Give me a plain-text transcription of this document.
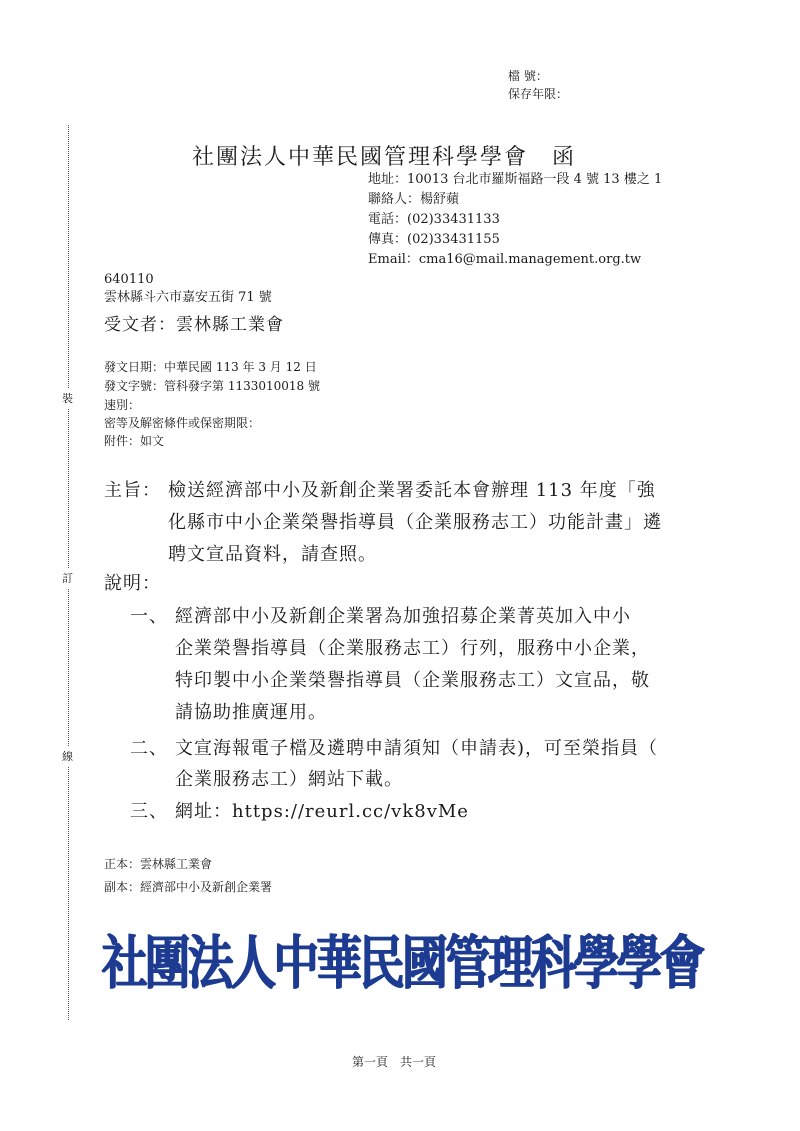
檔 號：
保存年限：
裝
訂
線
社團法人中華民國管理科學學會　函
地址：10013 台北市羅斯福路一段 4 號 13 樓之 1
聯絡人：楊舒蘋
電話：(02)33431133
傳真：(02)33431155
Email：cma16@mail.management.org.tw
640110
雲林縣斗六市嘉安五街 71 號
受文者：雲林縣工業會
發文日期：中華民國 113 年 3 月 12 日
發文字號：管科發字第 1133010018 號
速別：
密等及解密條件或保密期限：
附件：如文
主旨： 檢送經濟部中小及新創企業署委託本會辦理 113 年度「強
化縣市中小企業榮譽指導員（企業服務志工）功能計畫」遴
聘文宣品資料，請查照。
說明：
一、 經濟部中小及新創企業署為加強招募企業菁英加入中小
企業榮譽指導員（企業服務志工）行列，服務中小企業，
特印製中小企業榮譽指導員（企業服務志工）文宣品，敬
請協助推廣運用。
二、 文宣海報電子檔及遴聘申請須知（申請表)，可至榮指員（
企業服務志工）網站下載。
三、 網址：https://reurl.cc/vk8vMe
正本：雲林縣工業會
副本：經濟部中小及新創企業署
社團法人中華民國管理科學學會
第一頁　共一頁
